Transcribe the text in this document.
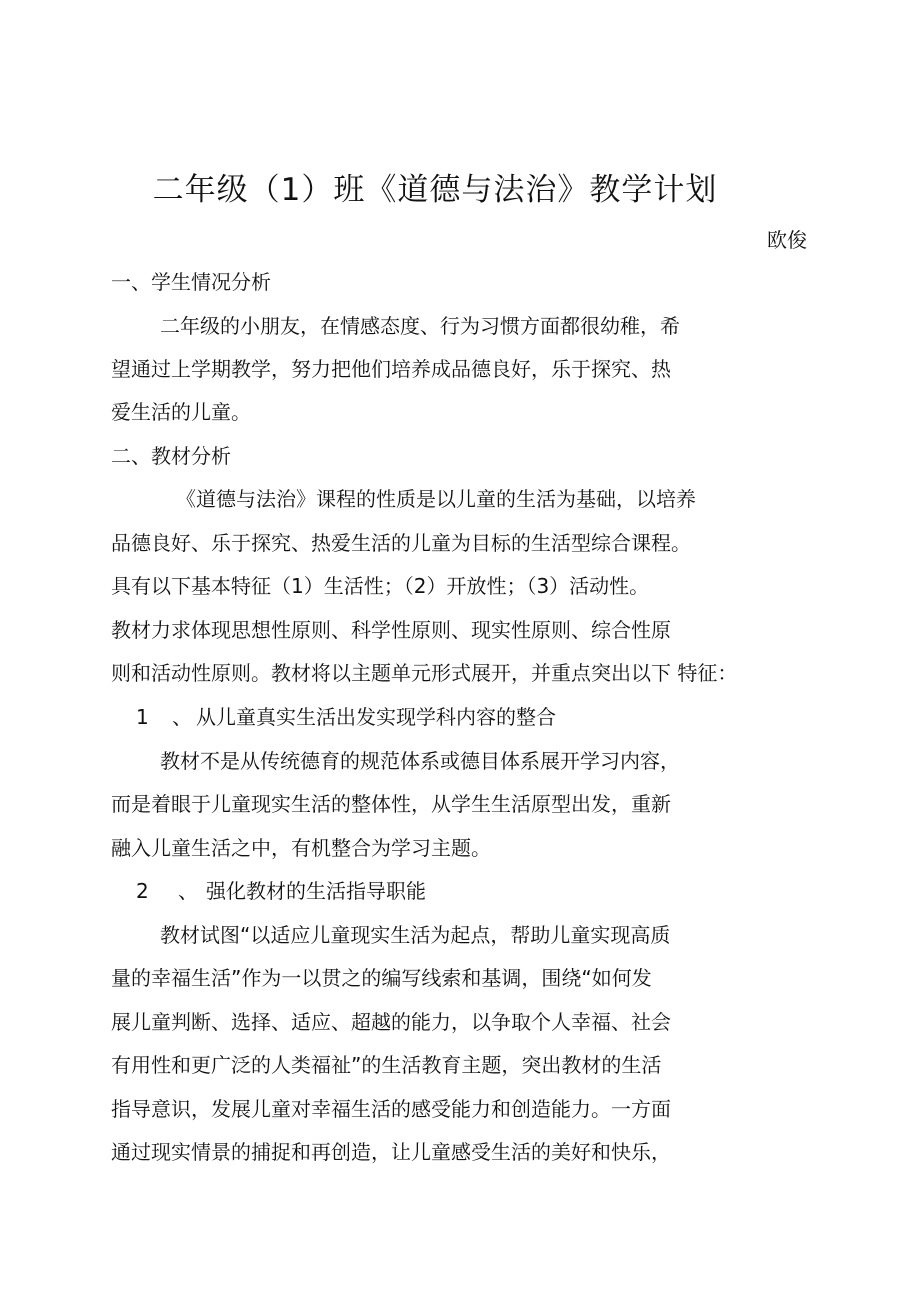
二年级（1）班《道德与法治》教学计划
欧俊
一、学生情况分析
二年级的小朋友，在情感态度、行为习惯方面都很幼稚，希
望通过上学期教学，努力把他们培养成品德良好，乐于探究、热
爱生活的儿童。
二、教材分析
《道德与法治》课程的性质是以儿童的生活为基础，以培养
品德良好、乐于探究、热爱生活的儿童为目标的生活型综合课程。
具有以下基本特征（1）生活性；（2）开放性；（3）活动性。
教材力求体现思想性原则、科学性原则、现实性原则、综合性原
则和活动性原则。教材将以主题单元形式展开，并重点突出以下 特征：
1 、 从儿童真实生活出发实现学科内容的整合
教材不是从传统德育的规范体系或德目体系展开学习内容，
而是着眼于儿童现实生活的整体性，从学生生活原型出发，重新
融入儿童生活之中，有机整合为学习主题。
2 、 强化教材的生活指导职能
教材试图“以适应儿童现实生活为起点，帮助儿童实现高质
量的幸福生活”作为一以贯之的编写线索和基调，围绕“如何发
展儿童判断、选择、适应、超越的能力，以争取个人幸福、社会
有用性和更广泛的人类福祉”的生活教育主题，突出教材的生活
指导意识，发展儿童对幸福生活的感受能力和创造能力。一方面
通过现实情景的捕捉和再创造，让儿童感受生活的美好和快乐，
